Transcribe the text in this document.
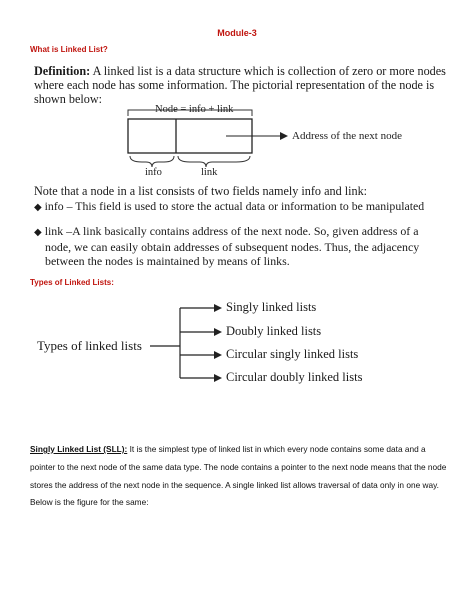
Module-3
What is Linked List?
Definition: A linked list is a data structure which is collection of zero or more nodes
where each node has some information. The pictorial representation of the node is
shown below:
Node = info + link
Address of the next node
info	link
Note that a node in a list consists of two fields namely info and link:
◆ info – This field is used to store the actual data or information to be manipulated
◆ link –A link basically contains address of the next node. So, given address of a
node, we can easily obtain addresses of subsequent nodes. Thus, the adjacency
between the nodes is maintained by means of links.
Types of Linked Lists:
Types of linked lists
Singly linked lists
Doubly linked lists
Circular singly linked lists
Circular doubly linked lists
Singly Linked List (SLL): It is the simplest type of linked list in which every node contains some data and a pointer to the next node of the same data type. The node contains a pointer to the next node means that the node stores the address of the next node in the sequence. A single linked list allows traversal of data only in one way. Below is the figure for the same:
